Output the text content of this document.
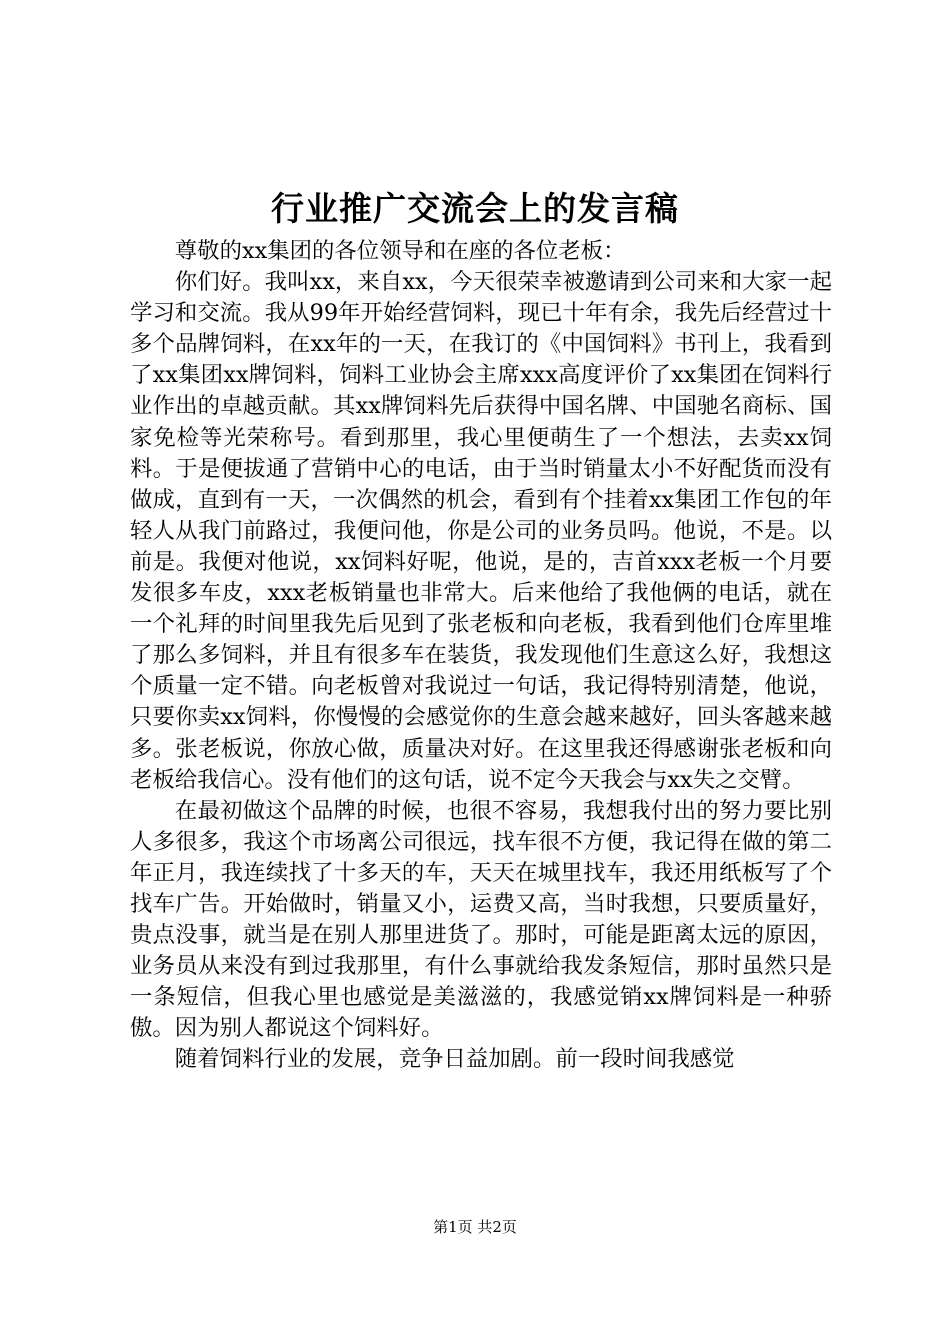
行业推广交流会上的发言稿

尊敬的xx集团的各位领导和在座的各位老板：

你们好。我叫xx，来自xx，今天很荣幸被邀请到公司来和大家一起学习和交流。我从99年开始经营饲料，现已十年有余，我先后经营过十多个品牌饲料，在xx年的一天，在我订的《中国饲料》书刊上，我看到了xx集团xx牌饲料，饲料工业协会主席xxx高度评价了xx集团在饲料行业作出的卓越贡献。其xx牌饲料先后获得中国名牌、中国驰名商标、国家免检等光荣称号。看到那里，我心里便萌生了一个想法，去卖xx饲料。于是便拔通了营销中心的电话，由于当时销量太小不好配货而没有做成，直到有一天，一次偶然的机会，看到有个挂着xx集团工作包的年轻人从我门前路过，我便问他，你是公司的业务员吗。他说，不是。以前是。我便对他说，xx饲料好呢，他说，是的，吉首xxx老板一个月要发很多车皮，xxx老板销量也非常大。后来他给了我他俩的电话，就在一个礼拜的时间里我先后见到了张老板和向老板，我看到他们仓库里堆了那么多饲料，并且有很多车在装货，我发现他们生意这么好，我想这个质量一定不错。向老板曾对我说过一句话，我记得特别清楚，他说，只要你卖xx饲料，你慢慢的会感觉你的生意会越来越好，回头客越来越多。张老板说，你放心做，质量决对好。在这里我还得感谢张老板和向老板给我信心。没有他们的这句话，说不定今天我会与xx失之交臂。

在最初做这个品牌的时候，也很不容易，我想我付出的努力要比别人多很多，我这个市场离公司很远，找车很不方便，我记得在做的第二年正月，我连续找了十多天的车，天天在城里找车，我还用纸板写了个找车广告。开始做时，销量又小，运费又高，当时我想，只要质量好，贵点没事，就当是在别人那里进货了。那时，可能是距离太远的原因，业务员从来没有到过我那里，有什么事就给我发条短信，那时虽然只是一条短信，但我心里也感觉是美滋滋的，我感觉销xx牌饲料是一种骄傲。因为别人都说这个饲料好。

随着饲料行业的发展，竞争日益加剧。前一段时间我感觉

第1页 共2页
